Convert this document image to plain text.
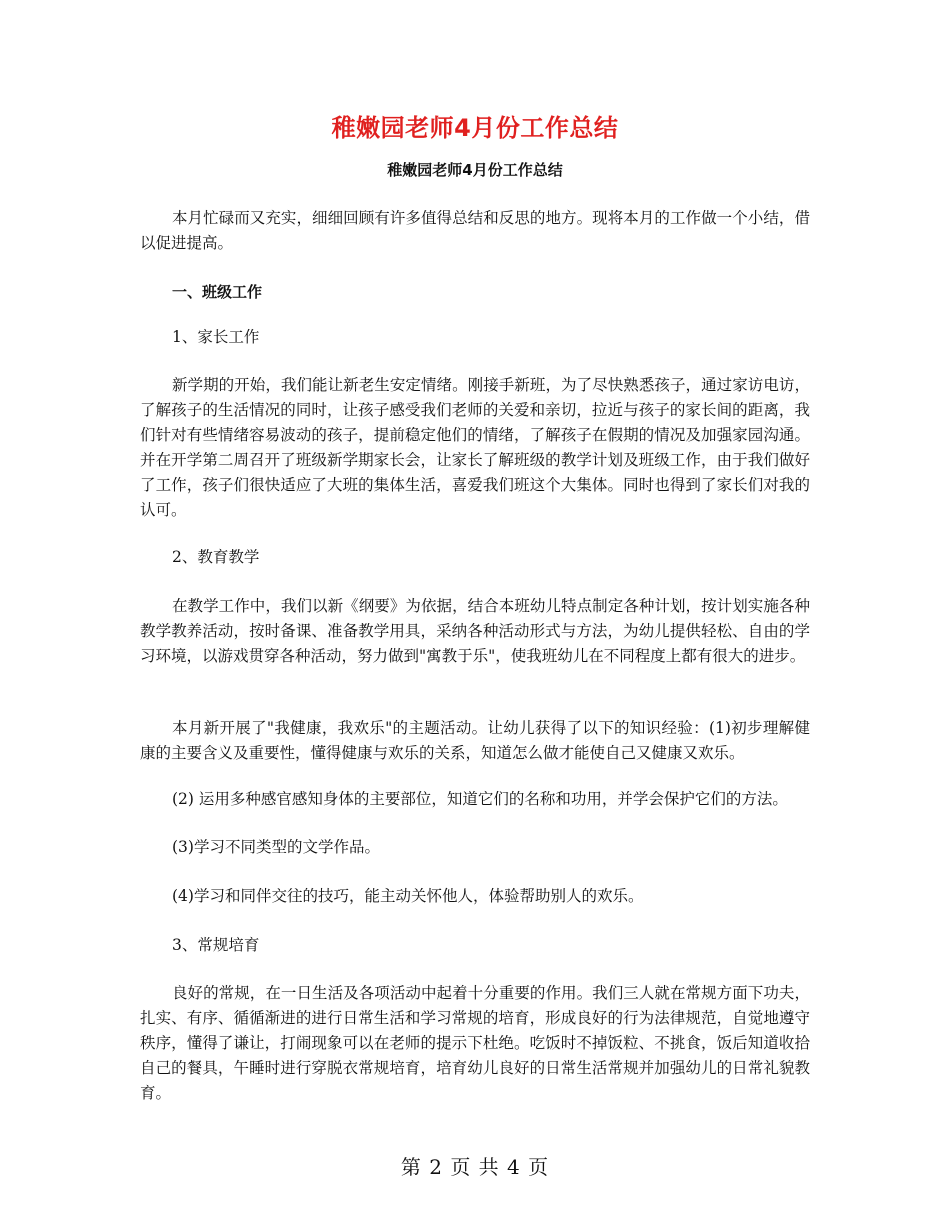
稚嫩园老师4月份工作总结
稚嫩园老师4月份工作总结

本月忙碌而又充实，细细回顾有许多值得总结和反思的地方。现将本月的工作做一个小结，借以促进提高。

一、班级工作

1、家长工作

新学期的开始，我们能让新老生安定情绪。刚接手新班，为了尽快熟悉孩子，通过家访电访，了解孩子的生活情况的同时，让孩子感受我们老师的关爱和亲切，拉近与孩子的家长间的距离，我们针对有些情绪容易波动的孩子，提前稳定他们的情绪，了解孩子在假期的情况及加强家园沟通。并在开学第二周召开了班级新学期家长会，让家长了解班级的教学计划及班级工作，由于我们做好了工作，孩子们很快适应了大班的集体生活，喜爱我们班这个大集体。同时也得到了家长们对我的认可。

2、教育教学

在教学工作中，我们以新《纲要》为依据，结合本班幼儿特点制定各种计划，按计划实施各种教学教养活动，按时备课、准备教学用具，采纳各种活动形式与方法，为幼儿提供轻松、自由的学习环境，以游戏贯穿各种活动，努力做到"寓教于乐"，使我班幼儿在不同程度上都有很大的进步。

本月新开展了"我健康，我欢乐"的主题活动。让幼儿获得了以下的知识经验：(1)初步理解健康的主要含义及重要性，懂得健康与欢乐的关系，知道怎么做才能使自己又健康又欢乐。

(2) 运用多种感官感知身体的主要部位，知道它们的名称和功用，并学会保护它们的方法。

(3)学习不同类型的文学作品。

(4)学习和同伴交往的技巧，能主动关怀他人，体验帮助别人的欢乐。

3、常规培育

良好的常规，在一日生活及各项活动中起着十分重要的作用。我们三人就在常规方面下功夫，扎实、有序、循循渐进的进行日常生活和学习常规的培育，形成良好的行为法律规范，自觉地遵守秩序，懂得了谦让，打闹现象可以在老师的提示下杜绝。吃饭时不掉饭粒、不挑食，饭后知道收拾自己的餐具，午睡时进行穿脱衣常规培育，培育幼儿良好的日常生活常规并加强幼儿的日常礼貌教育。

第 2 页 共 4 页
